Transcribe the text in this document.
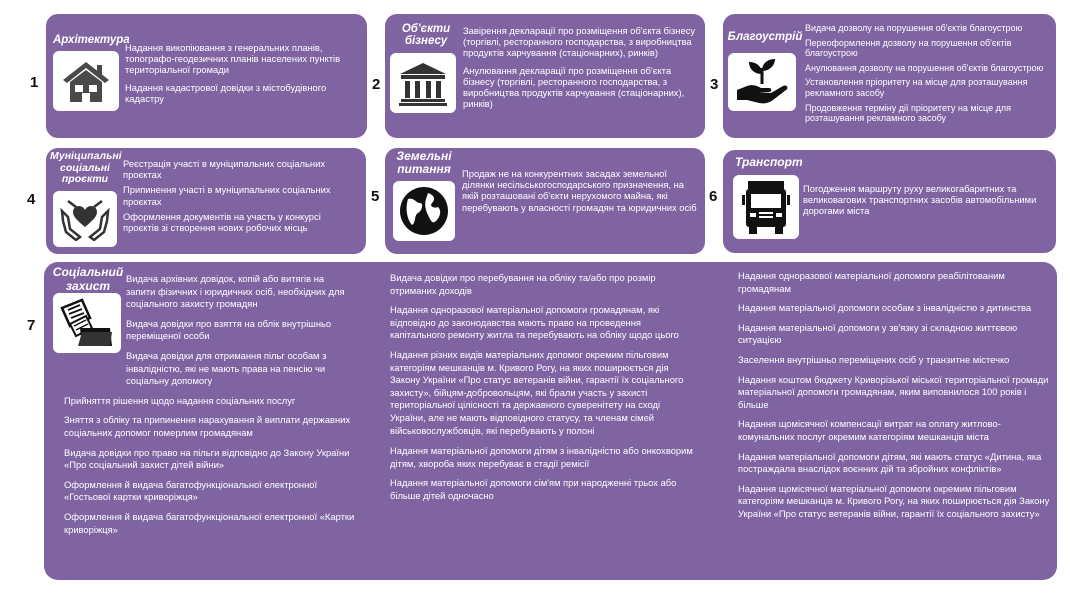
1	2	3
4	5	6
7
Архітектура
Надання викопіювання з генеральних планів, топографо-геодезичних планів населених пунктів територіальної громади
Надання кадастрової довідки з містобудівного кадастру
Об'єкти бізнесу
Завірення декларації про розміщення об'єкта бізнесу (торгівлі, ресторанного господарства, з виробництва продуктів харчування (стаціонарних), ринків)
Анулювання декларації про розміщення об'єкта бізнесу (торгівлі, ресторанного господарства, з виробництва продуктів харчування (стаціонарних), ринків)
Благоустрій
Видача дозволу на порушення об'єктів благоустрою
Переоформлення дозволу на порушення об'єктів благоустрою
Анулювання дозволу на порушення об'єктів благоустрою
Установлення пріоритету на місце для розташування рекламного засобу
Продовження терміну дії пріоритету на місце для розташування рекламного засобу
Муніципальні соціальні проєкти
Реєстрація участі в муніципальних соціальних проєктах
Припинення участі в муніципальних соціальних проєктах
Оформлення документів на участь у конкурсі проєктів зі створення нових робочих місць
Земельні питання	Продаж не на конкурентних засадах земельної ділянки несільськогосподарського призначення, на якій розташовані об'єкти нерухомого майна, які перебувають у власності громадян та юридичних осіб
Транспорт
Погодження маршруту руху великогабаритних та великовагових транспортних засобів автомобільними дорогами міста
Соціальний захист
Видача архівних довідок, копій або витягів на запити фізичних і юридичних осіб, необхідних для соціального захисту громадян
Видача довідки про взяття на облік внутрішньо переміщеної особи
Видача довідки для отримання пільг особам з інвалідністю, які не мають права на пенсію чи соціальну допомогу
Прийняття рішення щодо надання соціальних послуг
Зняття з обліку та припинення нарахування й виплати державних соціальних допомог померлим громадянам
Видача довідки про право на пільги відповідно до Закону України «Про соціальний захист дітей війни»
Оформлення й видача багатофункціональної електронної «Гостьової картки криворіжця»
Оформлення й видача багатофункціональної електронної «Картки криворіжця»
Видача довідки про перебування на обліку та/або про розмір отриманих доходів
Надання одноразової матеріальної допомоги громадянам, які відповідно до законодавства мають право на проведення капітального ремонту житла та перебувають на обліку щодо цього
Надання різних видів матеріальних допомог окремим пільговим категоріям мешканців м. Кривого Рогу, на яких поширюється дія Закону України «Про статус ветеранів війни, гарантії їх соціального захисту», бійцям-добровольцям, які брали участь у захисті територіальної цілісності та державного суверенітету на сході України, але не мають відповідного статусу, та членам сімей військовослужбовців, які перебувають у полоні
Надання матеріальної допомоги дітям з інвалідністю або онкохворим дітям, хвороба яких перебуває в стадії ремісії
Надання матеріальної допомоги сім'ям при народженні трьох або більше дітей одночасно
Надання одноразової матеріальної допомоги реабілітованим громадянам
Надання матеріальної допомоги особам з інвалідністю з дитинства
Надання матеріальної допомоги у зв'язку зі складною життєвою ситуацією
Заселення внутрішньо переміщених осіб у транзитне містечко
Надання коштом бюджету Криворізької міської територіальної громади матеріальної допомоги громадянам, яким виповнилося 100 років і більше
Надання щомісячної компенсації витрат на оплату житлово-комунальних послуг окремим категоріям мешканців міста
Надання матеріальної допомоги дітям, які мають статус «Дитина, яка постраждала внаслідок воєнних дій та збройних конфліктів»
Надання щомісячної матеріальної допомоги окремим пільговим категоріям мешканців м. Кривого Рогу, на яких поширюється дія Закону України «Про статус ветеранів війни, гарантії їх соціального захисту»
